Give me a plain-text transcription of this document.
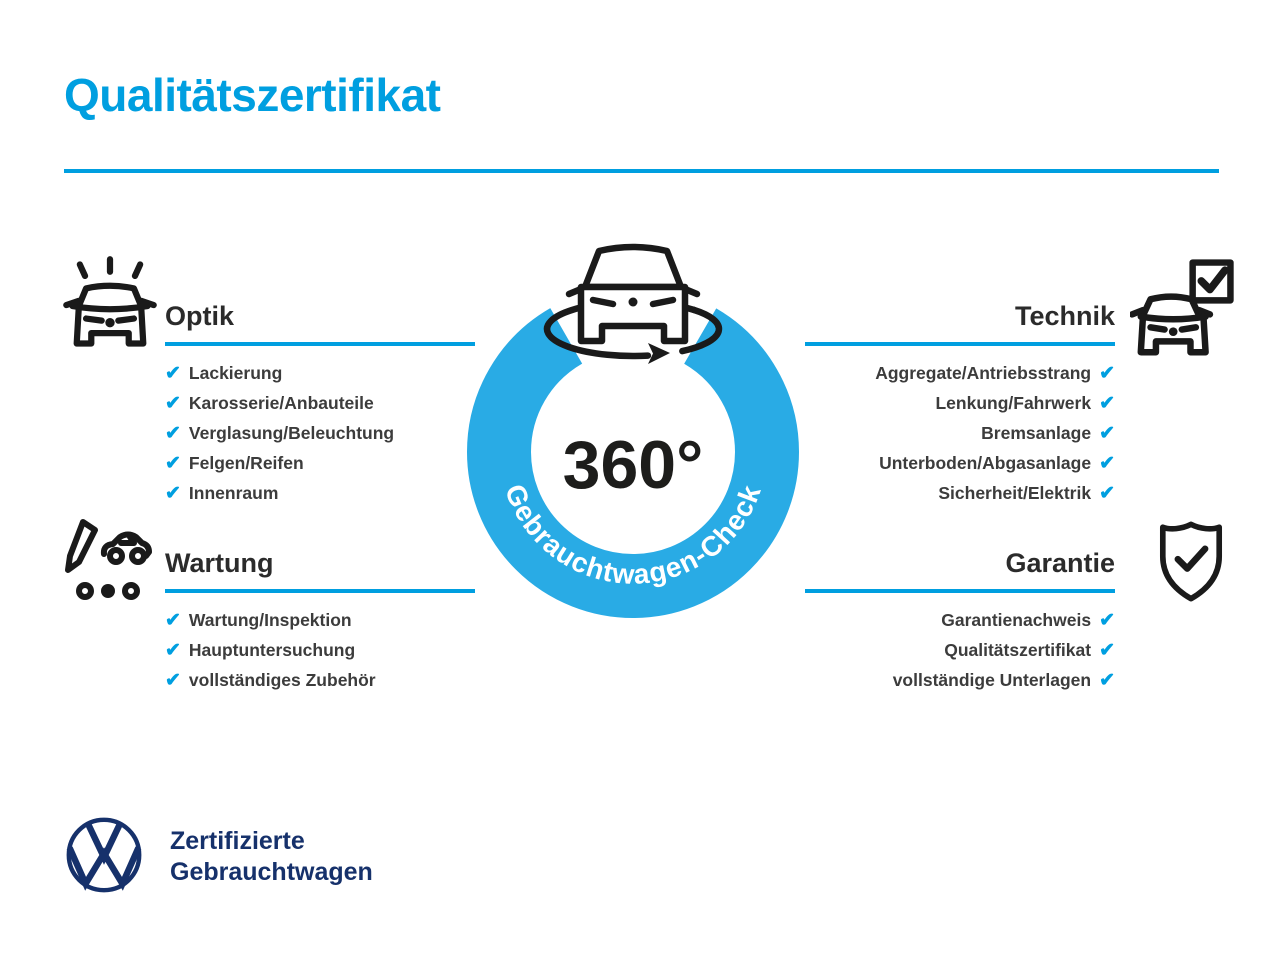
Qualitätszertifikat
Optik
✔ Lackierung
✔ Karosserie/Anbauteile
✔ Verglasung/Beleuchtung
✔ Felgen/Reifen
✔ Innenraum
Wartung
✔ Wartung/Inspektion
✔ Hauptuntersuchung
✔ vollständiges Zubehör
Technik
✔
Aggregate/Antriebsstrang
✔
Lenkung/Fahrwerk
✔
Bremsanlage
✔
Unterboden/Abgasanlage
✔
Sicherheit/Elektrik
Garantie
✔
Garantienachweis
✔
Qualitätszertifikat
✔
vollständige Unterlagen
360°
Gebrauchtwagen-Check
Zertifizierte
Gebrauchtwagen
